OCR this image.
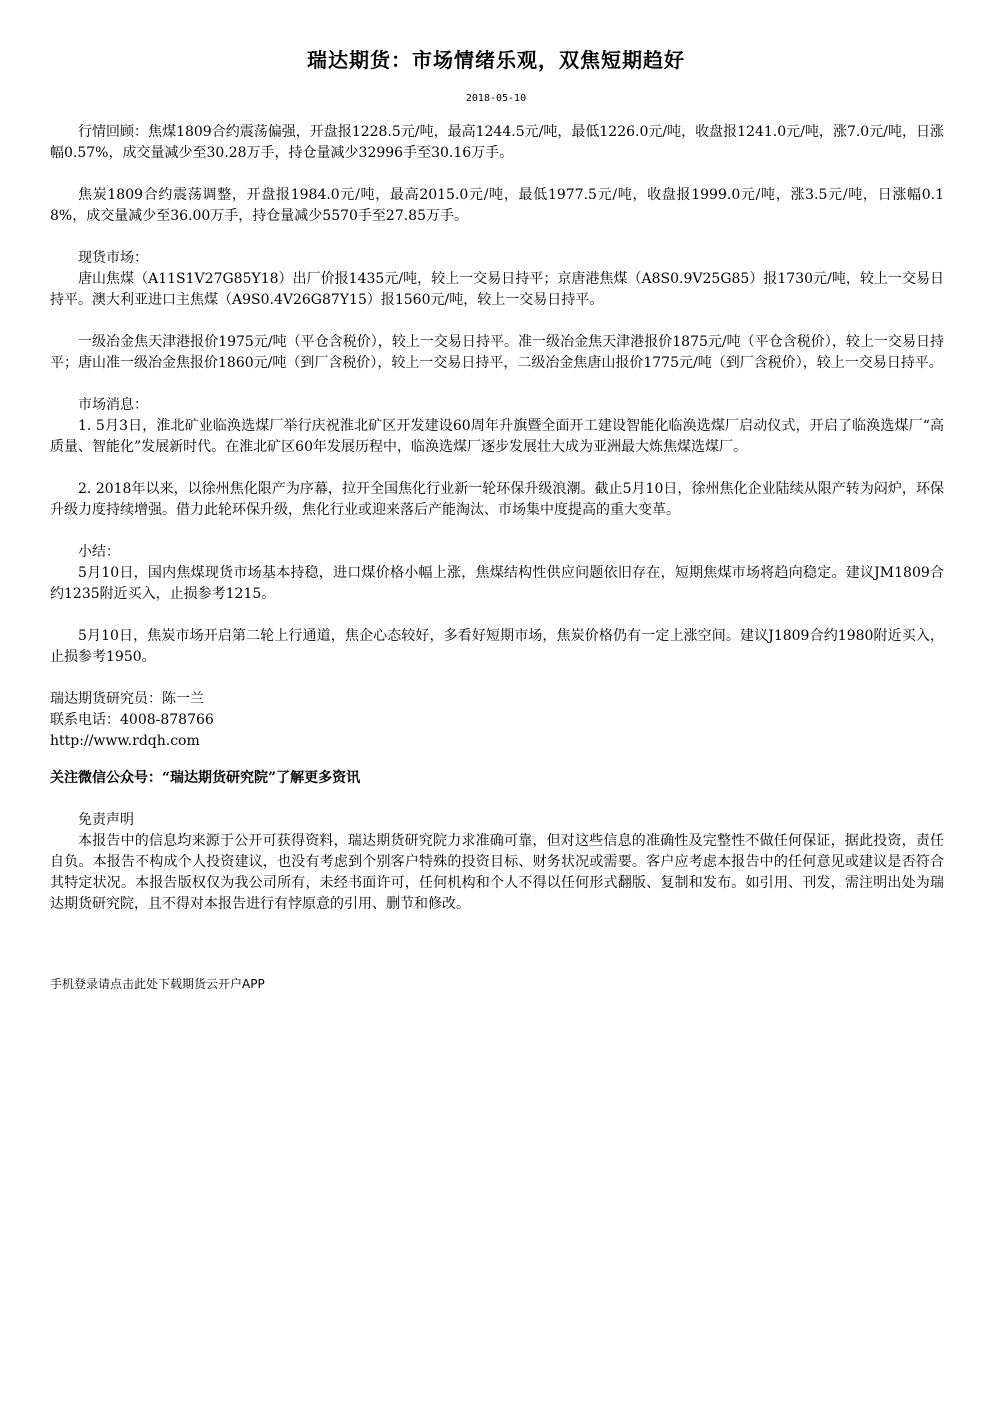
瑞达期货：市场情绪乐观，双焦短期趋好
2018-05-10

行情回顾：焦煤1809合约震荡偏强，开盘报1228.5元/吨，最高1244.5元/吨，最低1226.0元/吨，收盘报1241.0元/吨，涨7.0元/吨，日涨幅0.57%，成交量减少至30.28万手，持仓量减少32996手至30.16万手。

焦炭1809合约震荡调整，开盘报1984.0元/吨，最高2015.0元/吨，最低1977.5元/吨，收盘报1999.0元/吨，涨3.5元/吨，日涨幅0.18%，成交量减少至36.00万手，持仓量减少5570手至27.85万手。

现货市场：

唐山焦煤（A11S1V27G85Y18）出厂价报1435元/吨，较上一交易日持平；京唐港焦煤（A8S0.9V25G85）报1730元/吨，较上一交易日持平。澳大利亚进口主焦煤（A9S0.4V26G87Y15）报1560元/吨，较上一交易日持平。

一级冶金焦天津港报价1975元/吨（平仓含税价），较上一交易日持平。准一级冶金焦天津港报价1875元/吨（平仓含税价），较上一交易日持平；唐山准一级冶金焦报价1860元/吨（到厂含税价），较上一交易日持平，二级冶金焦唐山报价1775元/吨（到厂含税价），较上一交易日持平。

市场消息：

1. 5月3日，淮北矿业临涣选煤厂举行庆祝淮北矿区开发建设60周年升旗暨全面开工建设智能化临涣选煤厂启动仪式，开启了临涣选煤厂“高质量、智能化”发展新时代。在淮北矿区60年发展历程中，临涣选煤厂逐步发展壮大成为亚洲最大炼焦煤选煤厂。

2. 2018年以来，以徐州焦化限产为序幕，拉开全国焦化行业新一轮环保升级浪潮。截止5月10日，徐州焦化企业陆续从限产转为闷炉，环保升级力度持续增强。借力此轮环保升级，焦化行业或迎来落后产能淘汰、市场集中度提高的重大变革。

小结：

5月10日，国内焦煤现货市场基本持稳，进口煤价格小幅上涨，焦煤结构性供应问题依旧存在，短期焦煤市场将趋向稳定。建议JM1809合约1235附近买入，止损参考1215。

5月10日，焦炭市场开启第二轮上行通道，焦企心态较好，多看好短期市场，焦炭价格仍有一定上涨空间。建议J1809合约1980附近买入，止损参考1950。

瑞达期货研究员：陈一兰

联系电话：4008-878766

http://www.rdqh.com

关注微信公众号：“瑞达期货研究院”了解更多资讯

免责声明

本报告中的信息均来源于公开可获得资料，瑞达期货研究院力求准确可靠，但对这些信息的准确性及完整性不做任何保证，据此投资，责任自负。本报告不构成个人投资建议，也没有考虑到个别客户特殊的投资目标、财务状况或需要。客户应考虑本报告中的任何意见或建议是否符合其特定状况。本报告版权仅为我公司所有，未经书面许可，任何机构和个人不得以任何形式翻版、复制和发布。如引用、刊发，需注明出处为瑞达期货研究院，且不得对本报告进行有悖原意的引用、删节和修改。

手机登录请点击此处下载期货云开户APP
